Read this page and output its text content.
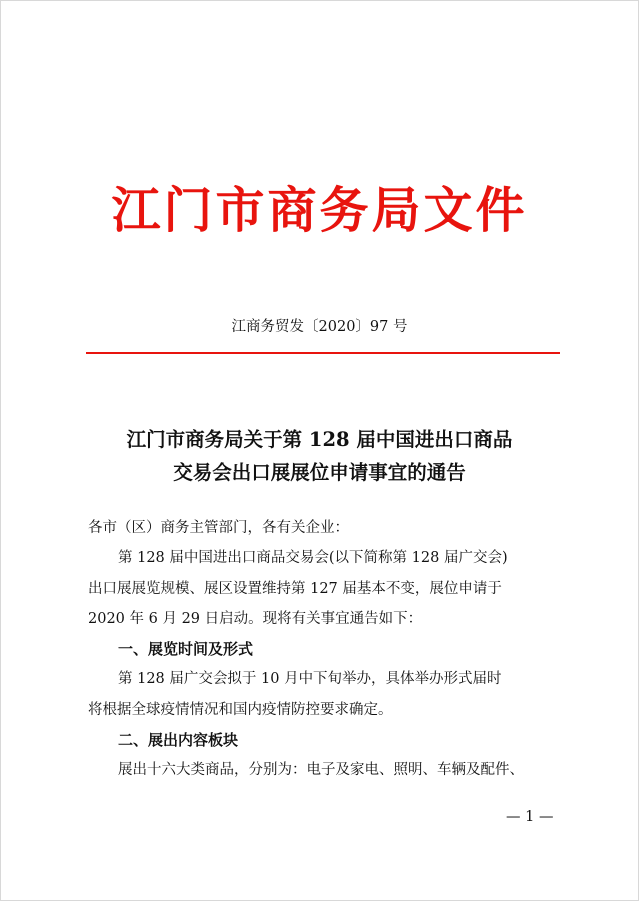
江门市商务局文件
江商务贸发〔2020〕97 号
江门市商务局关于第 128 届中国进出口商品
交易会出口展展位申请事宜的通告
各市（区）商务主管部门，各有关企业：
第 128 届中国进出口商品交易会(以下简称第 128 届广交会)
出口展展览规模、展区设置维持第 127 届基本不变，展位申请于
2020 年 6 月 29 日启动。现将有关事宜通告如下：
一、展览时间及形式
第 128 届广交会拟于 10 月中下旬举办，具体举办形式届时
将根据全球疫情情况和国内疫情防控要求确定。
二、展出内容板块
展出十六大类商品，分别为：电子及家电、照明、车辆及配件、
— 1 —
